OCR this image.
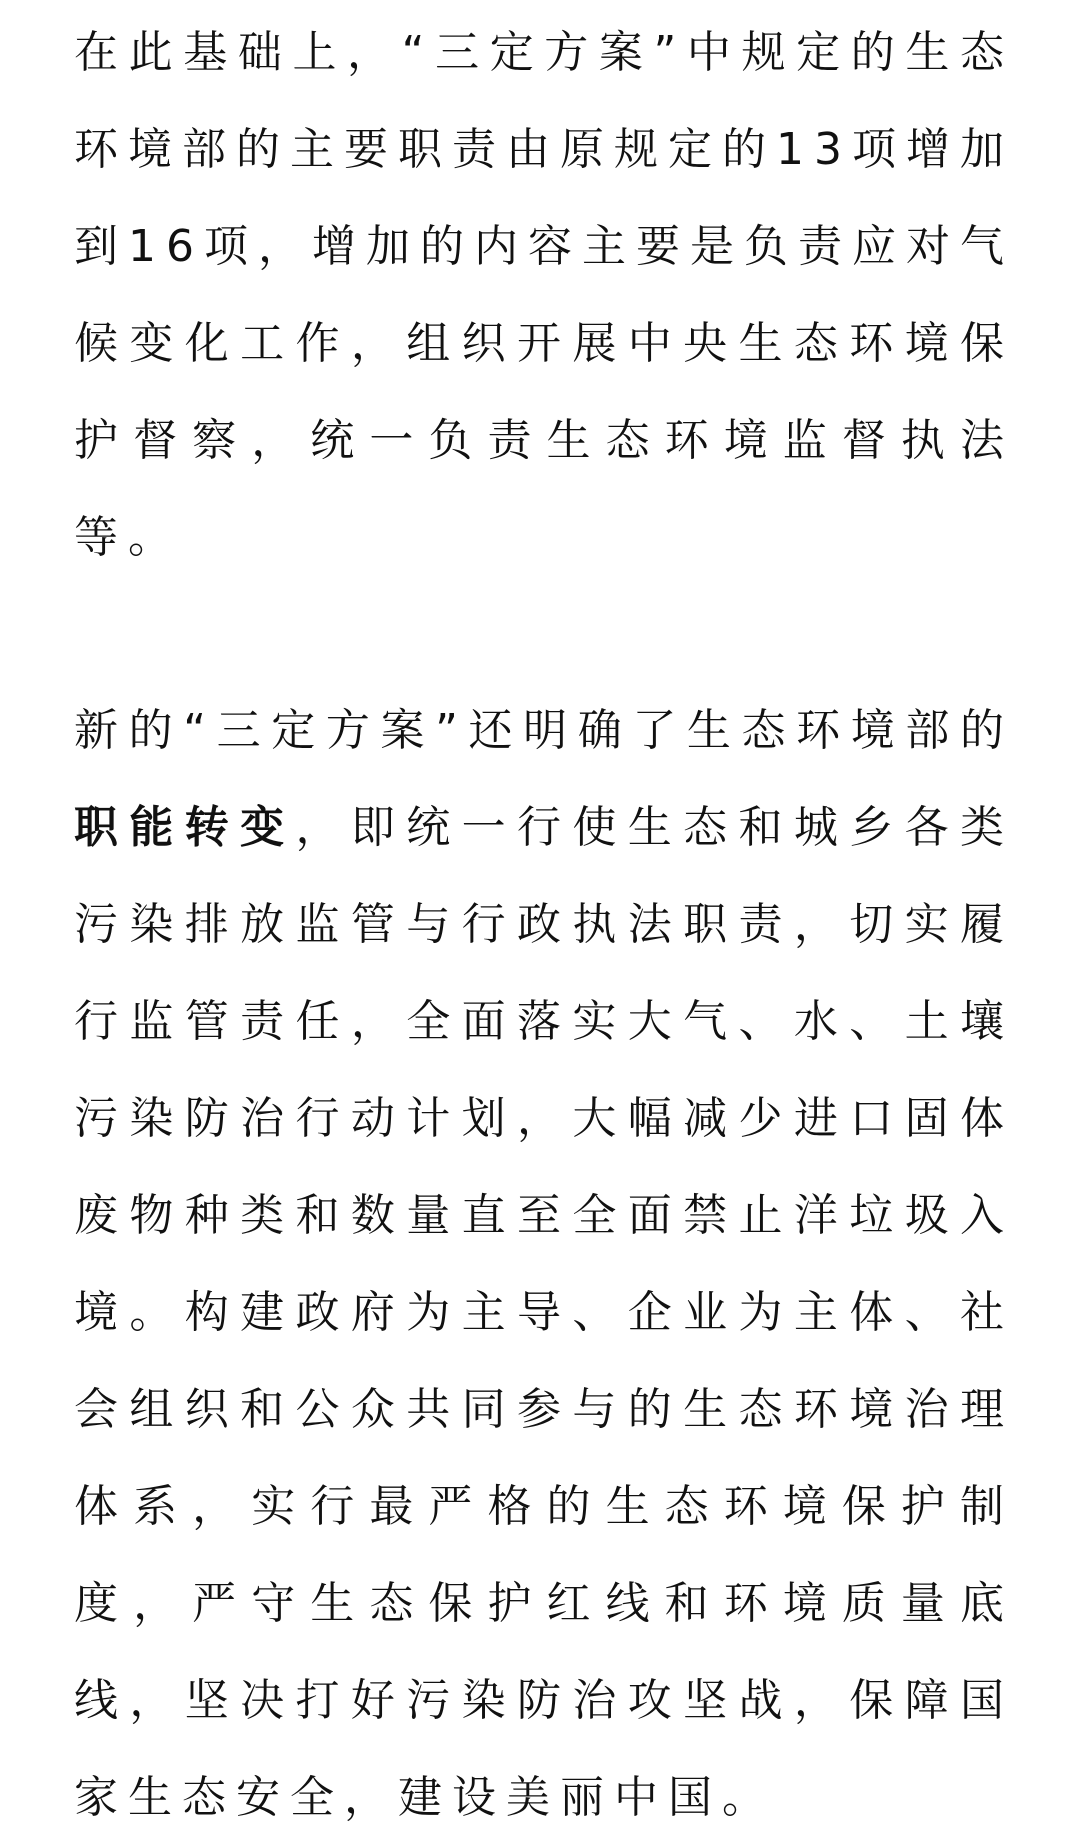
在此基础上，“三定方案”中规定的生态环境部的主要职责由原规定的13项增加到16项，增加的内容主要是负责应对气候变化工作，组织开展中央生态环境保护督察，统一负责生态环境监督执法等。

新的“三定方案”还明确了生态环境部的职能转变，即统一行使生态和城乡各类污染排放监管与行政执法职责，切实履行监管责任，全面落实大气、水、土壤污染防治行动计划，大幅减少进口固体废物种类和数量直至全面禁止洋垃圾入境。构建政府为主导、企业为主体、社会组织和公众共同参与的生态环境治理体系，实行最严格的生态环境保护制度，严守生态保护红线和环境质量底线，坚决打好污染防治攻坚战，保障国家生态安全，建设美丽中国。
